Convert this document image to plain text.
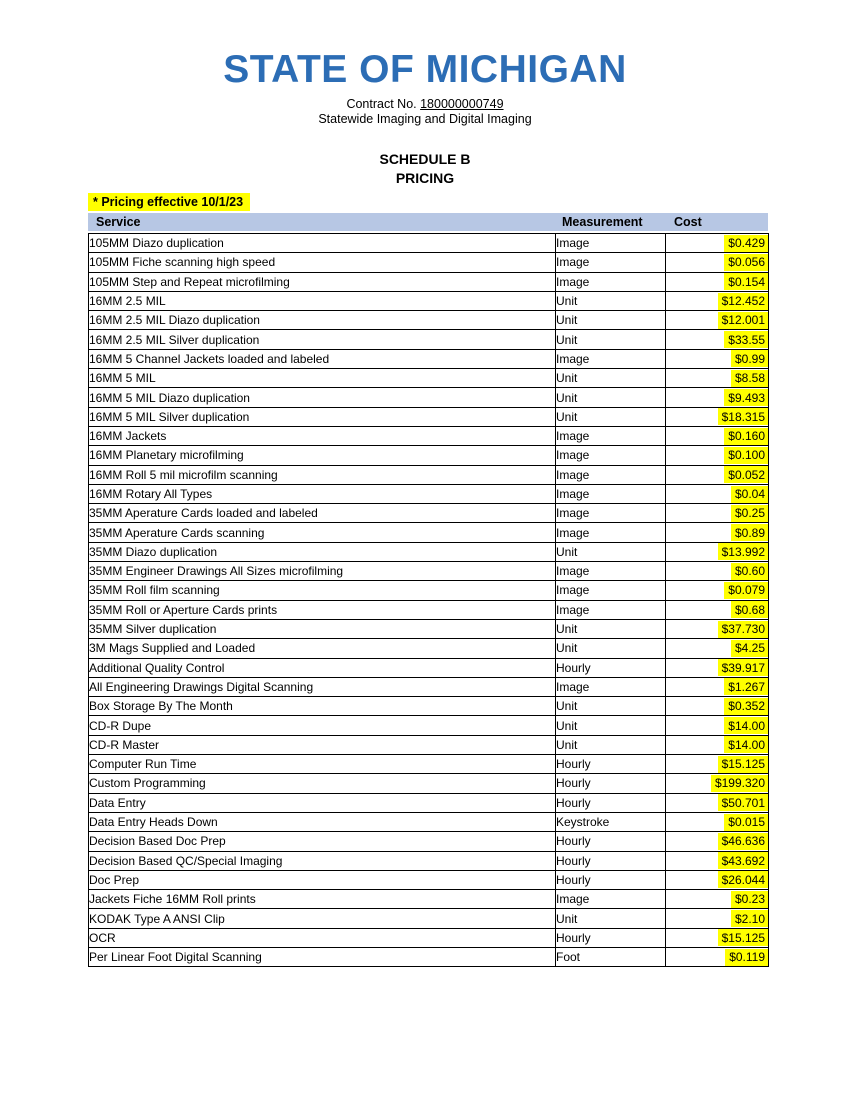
STATE OF MICHIGAN
Contract No. 180000000749
Statewide Imaging and Digital Imaging
SCHEDULE B
PRICING
* Pricing effective 10/1/23
Service	Measurement	Cost
105MM Diazo duplication	Image	$0.429
105MM Fiche scanning high speed	Image	$0.056
105MM Step and Repeat microfilming	Image	$0.154
16MM 2.5 MIL	Unit	$12.452
16MM 2.5 MIL Diazo duplication	Unit	$12.001
16MM 2.5 MIL Silver duplication	Unit	$33.55
16MM 5 Channel Jackets loaded and labeled	Image	$0.99
16MM 5 MIL	Unit	$8.58
16MM 5 MIL Diazo duplication	Unit	$9.493
16MM 5 MIL Silver duplication	Unit	$18.315
16MM Jackets	Image	$0.160
16MM Planetary microfilming	Image	$0.100
16MM Roll 5 mil microfilm scanning	Image	$0.052
16MM Rotary All Types	Image	$0.04
35MM Aperature Cards loaded and labeled	Image	$0.25
35MM Aperature Cards scanning	Image	$0.89
35MM Diazo duplication	Unit	$13.992
35MM Engineer Drawings All Sizes microfilming	Image	$0.60
35MM Roll film scanning	Image	$0.079
35MM Roll or Aperture Cards prints	Image	$0.68
35MM Silver duplication	Unit	$37.730
3M Mags Supplied and Loaded	Unit	$4.25
Additional Quality Control	Hourly	$39.917
All Engineering Drawings Digital Scanning	Image	$1.267
Box Storage By The Month	Unit	$0.352
CD-R Dupe	Unit	$14.00
CD-R Master	Unit	$14.00
Computer Run Time	Hourly	$15.125
Custom Programming	Hourly	$199.320
Data Entry	Hourly	$50.701
Data Entry Heads Down	Keystroke	$0.015
Decision Based Doc Prep	Hourly	$46.636
Decision Based QC/Special Imaging	Hourly	$43.692
Doc Prep	Hourly	$26.044
Jackets Fiche 16MM Roll prints	Image	$0.23
KODAK Type A ANSI Clip	Unit	$2.10
OCR	Hourly	$15.125
Per Linear Foot Digital Scanning	Foot	$0.119
